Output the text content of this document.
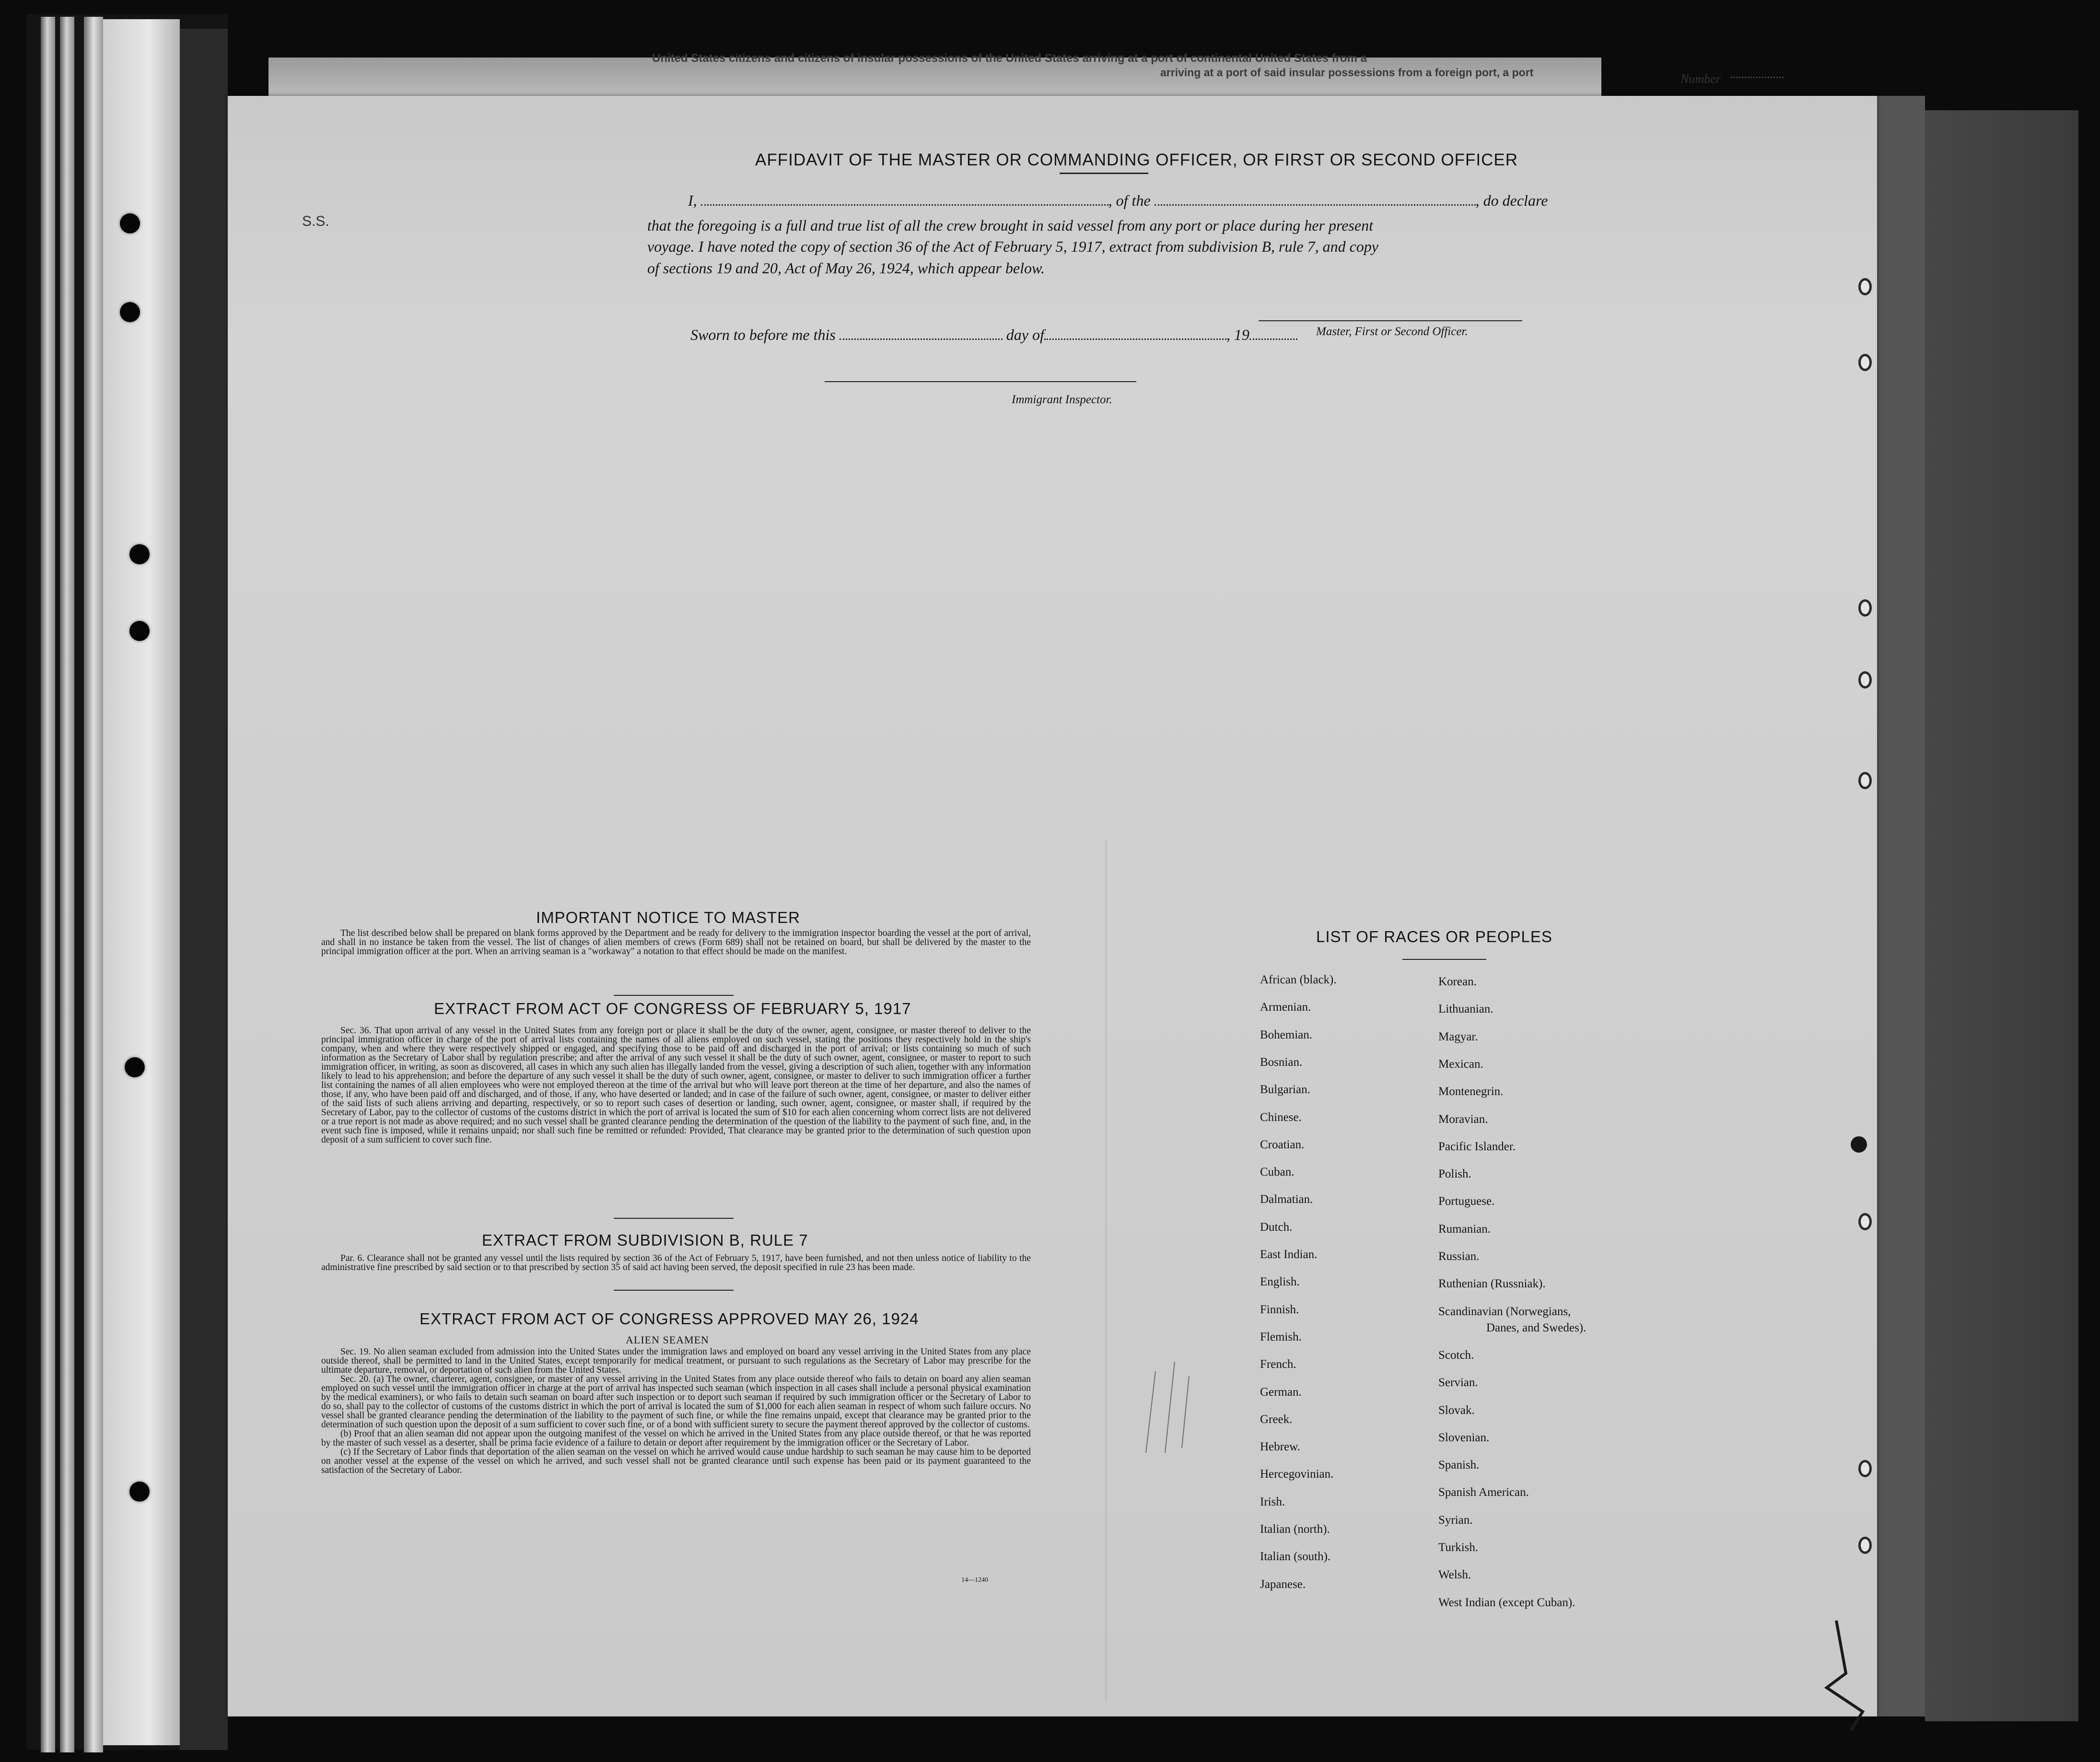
United States citizens and citizens of insular possessions of the United States arriving at a port of continental United States from a
arriving at a port of said insular possessions from a foreign port, a port	Number
AFFIDAVIT OF THE MASTER OR COMMANDING OFFICER, OR FIRST OR SECOND OFFICER
S.S.
I,	, of the	, do declare
that the foregoing is a full and true list of all the crew brought in said vessel from any port or place during her present
voyage. I have noted the copy of section 36 of the Act of February 5, 1917, extract from subdivision B, rule 7, and copy
of sections 19 and 20, Act of May 26, 1924, which appear below.
Master, First or Second Officer.
Sworn to before me this	day of	, 19
Immigrant Inspector.
IMPORTANT NOTICE TO MASTER

The list described below shall be prepared on blank forms approved by the Department and be ready for delivery to the immigration inspector boarding the vessel at the port of arrival, and shall in no instance be taken from the vessel. The list of changes of alien members of crews (Form 689) shall not be retained on board, but shall be delivered by the master to the principal immigration officer at the port. When an arriving seaman is a "workaway" a notation to that effect should be made on the manifest.

EXTRACT FROM ACT OF CONGRESS OF FEBRUARY 5, 1917

Sec. 36. That upon arrival of any vessel in the United States from any foreign port or place it shall be the duty of the owner, agent, consignee, or master thereof to deliver to the principal immigration officer in charge of the port of arrival lists containing the names of all aliens employed on such vessel, stating the positions they respectively hold in the ship's company, when and where they were respectively shipped or engaged, and specifying those to be paid off and discharged in the port of arrival; or lists containing so much of such information as the Secretary of Labor shall by regulation prescribe; and after the arrival of any such vessel it shall be the duty of such owner, agent, consignee, or master to report to such immigration officer, in writing, as soon as discovered, all cases in which any such alien has illegally landed from the vessel, giving a description of such alien, together with any information likely to lead to his apprehension; and before the departure of any such vessel it shall be the duty of such owner, agent, consignee, or master to deliver to such immigration officer a further list containing the names of all alien employees who were not employed thereon at the time of the arrival but who will leave port thereon at the time of her departure, and also the names of those, if any, who have been paid off and discharged, and of those, if any, who have deserted or landed; and in case of the failure of such owner, agent, consignee, or master to deliver either of the said lists of such aliens arriving and departing, respectively, or so to report such cases of desertion or landing, such owner, agent, consignee, or master shall, if required by the Secretary of Labor, pay to the collector of customs of the customs district in which the port of arrival is located the sum of $10 for each alien concerning whom correct lists are not delivered or a true report is not made as above required; and no such vessel shall be granted clearance pending the determination of the question of the liability to the payment of such fine, and, in the event such fine is imposed, while it remains unpaid; nor shall such fine be remitted or refunded: Provided, That clearance may be granted prior to the determination of such question upon deposit of a sum sufficient to cover such fine.

EXTRACT FROM SUBDIVISION B, RULE 7

Par. 6. Clearance shall not be granted any vessel until the lists required by section 36 of the Act of February 5, 1917, have been furnished, and not then unless notice of liability to the administrative fine prescribed by said section or to that prescribed by section 35 of said act having been served, the deposit specified in rule 23 has been made.

EXTRACT FROM ACT OF CONGRESS APPROVED MAY 26, 1924
ALIEN SEAMEN

Sec. 19. No alien seaman excluded from admission into the United States under the immigration laws and employed on board any vessel arriving in the United States from any place outside thereof, shall be permitted to land in the United States, except temporarily for medical treatment, or pursuant to such regulations as the Secretary of Labor may prescribe for the ultimate departure, removal, or deportation of such alien from the United States.

Sec. 20. (a) The owner, charterer, agent, consignee, or master of any vessel arriving in the United States from any place outside thereof who fails to detain on board any alien seaman employed on such vessel until the immigration officer in charge at the port of arrival has inspected such seaman (which inspection in all cases shall include a personal physical examination by the medical examiners), or who fails to detain such seaman on board after such inspection or to deport such seaman if required by such immigration officer or the Secretary of Labor to do so, shall pay to the collector of customs of the customs district in which the port of arrival is located the sum of $1,000 for each alien seaman in respect of whom such failure occurs. No vessel shall be granted clearance pending the determination of the liability to the payment of such fine, or while the fine remains unpaid, except that clearance may be granted prior to the determination of such question upon the deposit of a sum sufficient to cover such fine, or of a bond with sufficient surety to secure the payment thereof approved by the collector of customs.

(b) Proof that an alien seaman did not appear upon the outgoing manifest of the vessel on which he arrived in the United States from any place outside thereof, or that he was reported by the master of such vessel as a deserter, shall be prima facie evidence of a failure to detain or deport after requirement by the immigration officer or the Secretary of Labor.

(c) If the Secretary of Labor finds that deportation of the alien seaman on the vessel on which he arrived would cause undue hardship to such seaman he may cause him to be deported on another vessel at the expense of the vessel on which he arrived, and such vessel shall not be granted clearance until such expense has been paid or its payment guaranteed to the satisfaction of the Secretary of Labor.

14—1240
LIST OF RACES OR PEOPLES
African (black).
Armenian.
Bohemian.
Bosnian.
Bulgarian.
Chinese.
Croatian.
Cuban.
Dalmatian.
Dutch.
East Indian.
English.
Finnish.
Flemish.
French.
German.
Greek.
Hebrew.
Hercegovinian.
Irish.
Italian (north).
Italian (south).
Japanese.
Korean.
Lithuanian.
Magyar.
Mexican.
Montenegrin.
Moravian.
Pacific Islander.
Polish.
Portuguese.
Rumanian.
Russian.
Ruthenian (Russniak).
Scandinavian (Norwegians,
Danes, and Swedes).
Scotch.
Servian.
Slovak.
Slovenian.
Spanish.
Spanish American.
Syrian.
Turkish.
Welsh.
West Indian (except Cuban).
